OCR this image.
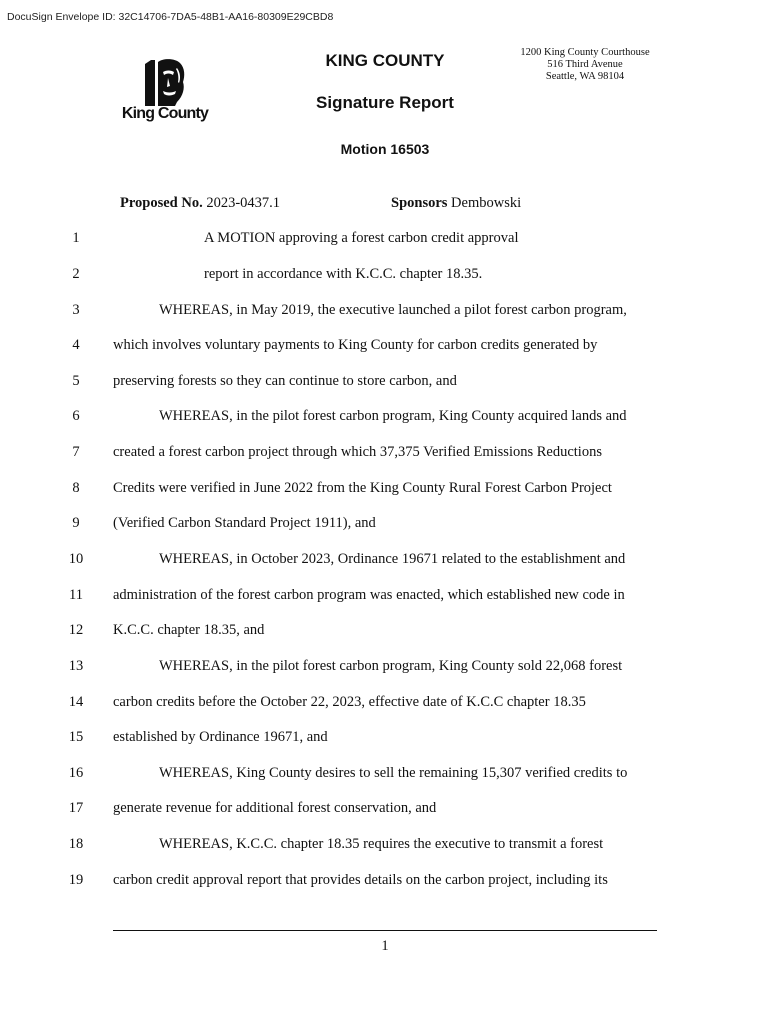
DocuSign Envelope ID: 32C14706-7DA5-48B1-AA16-80309E29CBD8
King County
KING COUNTY
Signature Report
1200 King County Courthouse
516 Third Avenue
Seattle, WA 98104
Motion 16503
Proposed No. 2023-0437.1	Sponsors Dembowski
1	A MOTION approving a forest carbon credit approval
2	report in accordance with K.C.C. chapter 18.35.
3	WHEREAS, in May 2019, the executive launched a pilot forest carbon program,
4	which involves voluntary payments to King County for carbon credits generated by
5	preserving forests so they can continue to store carbon, and
6	WHEREAS, in the pilot forest carbon program, King County acquired lands and
7	created a forest carbon project through which 37,375 Verified Emissions Reductions
8	Credits were verified in June 2022 from the King County Rural Forest Carbon Project
9	(Verified Carbon Standard Project 1911), and
10	WHEREAS, in October 2023, Ordinance 19671 related to the establishment and
11	administration of the forest carbon program was enacted, which established new code in
12	K.C.C. chapter 18.35, and
13	WHEREAS, in the pilot forest carbon program, King County sold 22,068 forest
14	carbon credits before the October 22, 2023, effective date of K.C.C chapter 18.35
15	established by Ordinance 19671, and
16	WHEREAS, King County desires to sell the remaining 15,307 verified credits to
17	generate revenue for additional forest conservation, and
18	WHEREAS, K.C.C. chapter 18.35 requires the executive to transmit a forest
19	carbon credit approval report that provides details on the carbon project, including its
1
